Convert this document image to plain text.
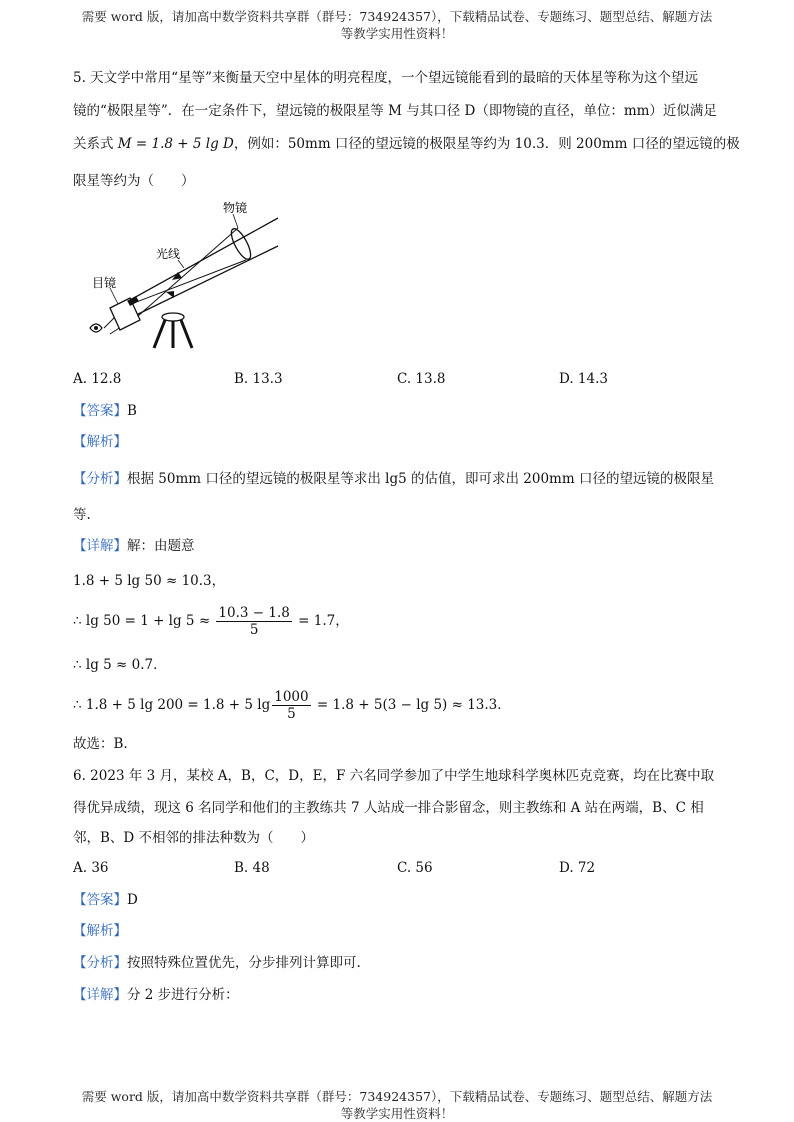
需要 word 版，请加高中数学资料共享群（群号：734924357），下载精品试卷、专题练习、题型总结、解题方法
等教学实用性资料！
5. 天文学中常用“星等”来衡量天空中星体的明亮程度，一个望远镜能看到的最暗的天体星等称为这个望远
镜的“极限星等”．在一定条件下，望远镜的极限星等 M 与其口径 D（即物镜的直径，单位：mm）近似满足
关系式 M = 1.8 + 5 lg D，例如：50mm 口径的望远镜的极限星等约为 10.3．则 200mm 口径的望远镜的极
限星等约为（　　）
物镜
光线
目镜
A. 12.8	B. 13.3	C. 13.8	D. 14.3
【答案】B
【解析】
【分析】根据 50mm 口径的望远镜的极限星等求出 lg5 的估值，即可求出 200mm 口径的望远镜的极限星
等.
【详解】解：由题意
1.8 + 5 lg 50 ≈ 10.3，
∴ $\lg 50 = 1 + \lg 5 \approx \frac{10.3 - 1.8}{5} = 1.7$，
∴ lg 5 ≈ 0.7．
∴ 1.8 + 5 lg 200 = 1.8 + 5 $\lg \frac{1000}{5} = 1.8 + 5(3 - \lg 5) \approx 13.3$．
故选：B.
6. 2023 年 3 月，某校 A，B，C，D，E，F 六名同学参加了中学生地球科学奥林匹克竞赛，均在比赛中取
得优异成绩，现这 6 名同学和他们的主教练共 7 人站成一排合影留念，则主教练和 A 站在两端，B、C 相
邻，B、D 不相邻的排法种数为（　　）
A. 36	B. 48	C. 56	D. 72
【答案】D
【解析】
【分析】按照特殊位置优先，分步排列计算即可.
【详解】分 2 步进行分析：
需要 word 版，请加高中数学资料共享群（群号：734924357），下载精品试卷、专题练习、题型总结、解题方法
等教学实用性资料！
